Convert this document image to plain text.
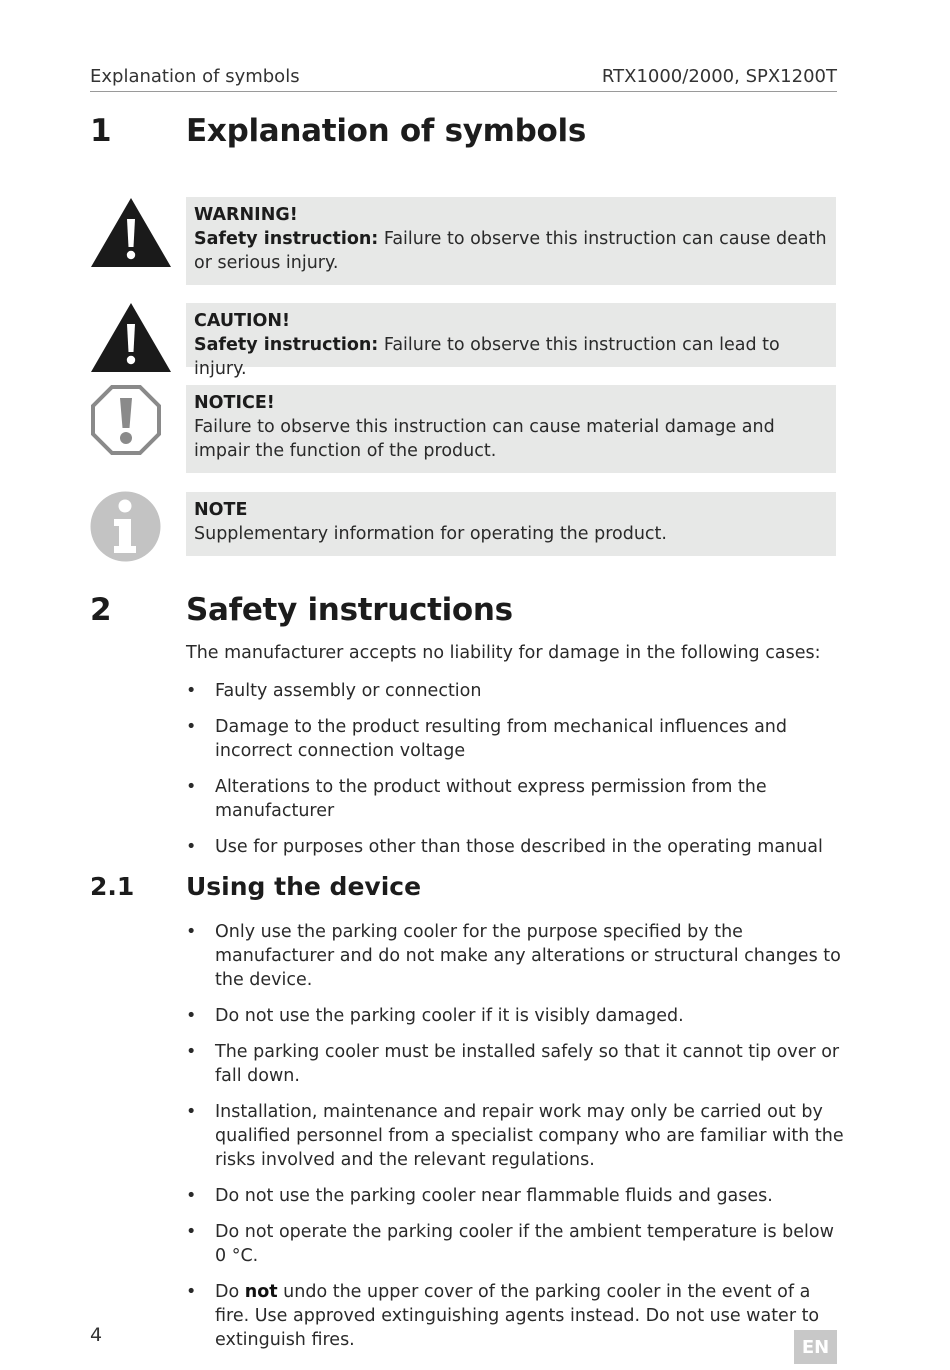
Explanation of symbols	RTX1000/2000, SPX1200T
1 Explanation of symbols
WARNING!
Safety instruction: Failure to observe this instruction can cause death or serious injury.
CAUTION!
Safety instruction: Failure to observe this instruction can lead to injury.
NOTICE!
Failure to observe this instruction can cause material damage and impair the function of the product.
NOTE
Supplementary information for operating the product.
2 Safety instructions
The manufacturer accepts no liability for damage in the following cases:
• Faulty assembly or connection
• Damage to the product resulting from mechanical influences and incorrect connection voltage
• Alterations to the product without express permission from the manufacturer
• Use for purposes other than those described in the operating manual
2.1 Using the device
• Only use the parking cooler for the purpose specified by the manufacturer and do not make any alterations or structural changes to the device.
• Do not use the parking cooler if it is visibly damaged.
• The parking cooler must be installed safely so that it cannot tip over or fall down.
• Installation, maintenance and repair work may only be carried out by qualified personnel from a specialist company who are familiar with the risks involved and the relevant regulations.
• Do not use the parking cooler near flammable fluids and gases.
• Do not operate the parking cooler if the ambient temperature is below 0 °C.
• Do not undo the upper cover of the parking cooler in the event of a fire. Use approved extinguishing agents instead. Do not use water to extinguish fires.
4
EN
